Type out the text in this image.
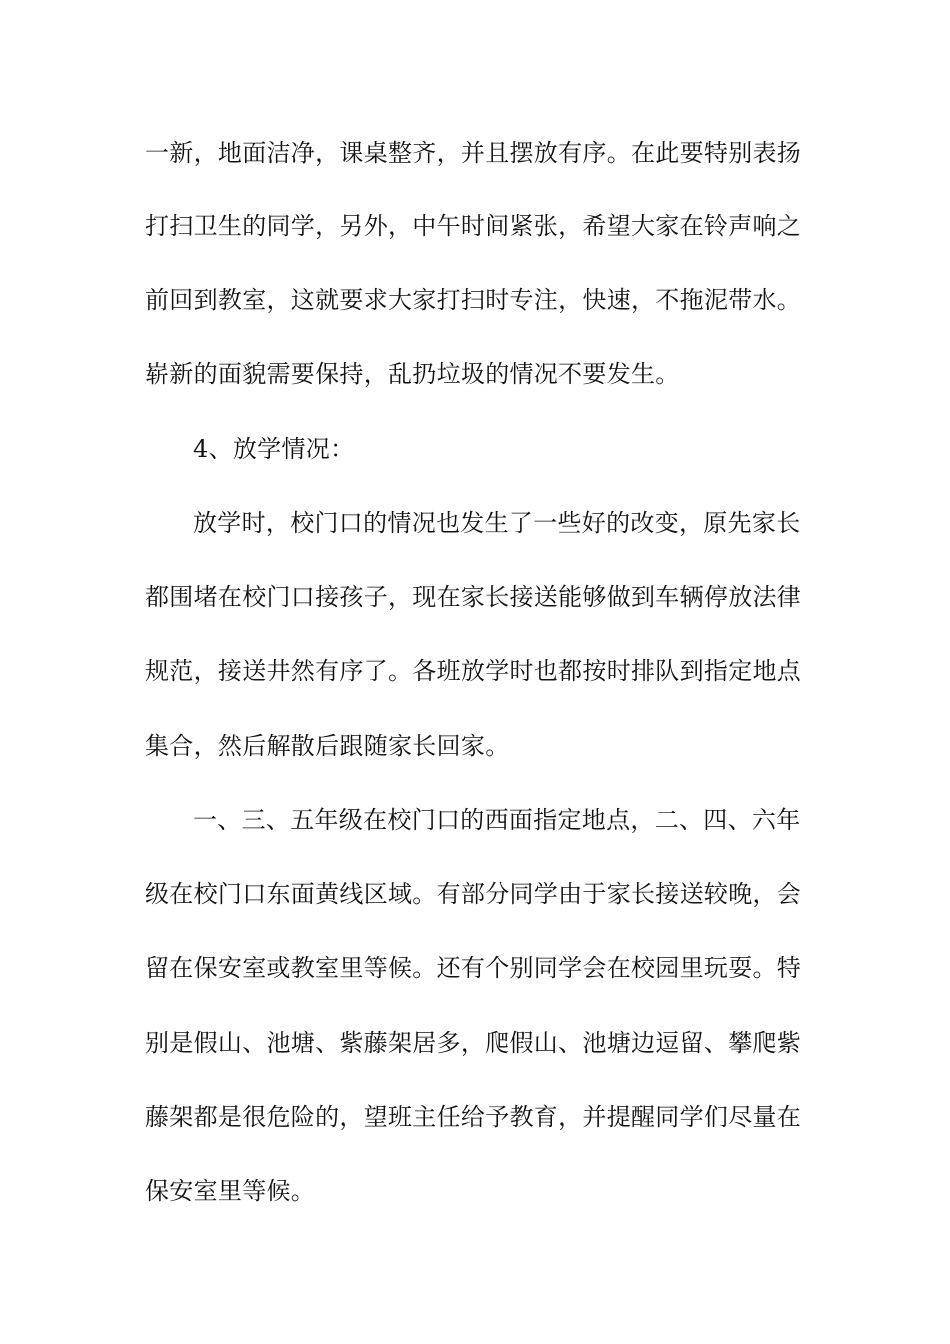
一新，地面洁净，课桌整齐，并且摆放有序。在此要特别表扬
打扫卫生的同学，另外，中午时间紧张，希望大家在铃声响之
前回到教室，这就要求大家打扫时专注，快速，不拖泥带水。
崭新的面貌需要保持，乱扔垃圾的情况不要发生。
4、放学情况：
放学时，校门口的情况也发生了一些好的改变，原先家长
都围堵在校门口接孩子，现在家长接送能够做到车辆停放法律
规范，接送井然有序了。各班放学时也都按时排队到指定地点
集合，然后解散后跟随家长回家。
一、三、五年级在校门口的西面指定地点，二、四、六年
级在校门口东面黄线区域。有部分同学由于家长接送较晚，会
留在保安室或教室里等候。还有个别同学会在校园里玩耍。特
别是假山、池塘、紫藤架居多，爬假山、池塘边逗留、攀爬紫
藤架都是很危险的，望班主任给予教育，并提醒同学们尽量在
保安室里等候。
